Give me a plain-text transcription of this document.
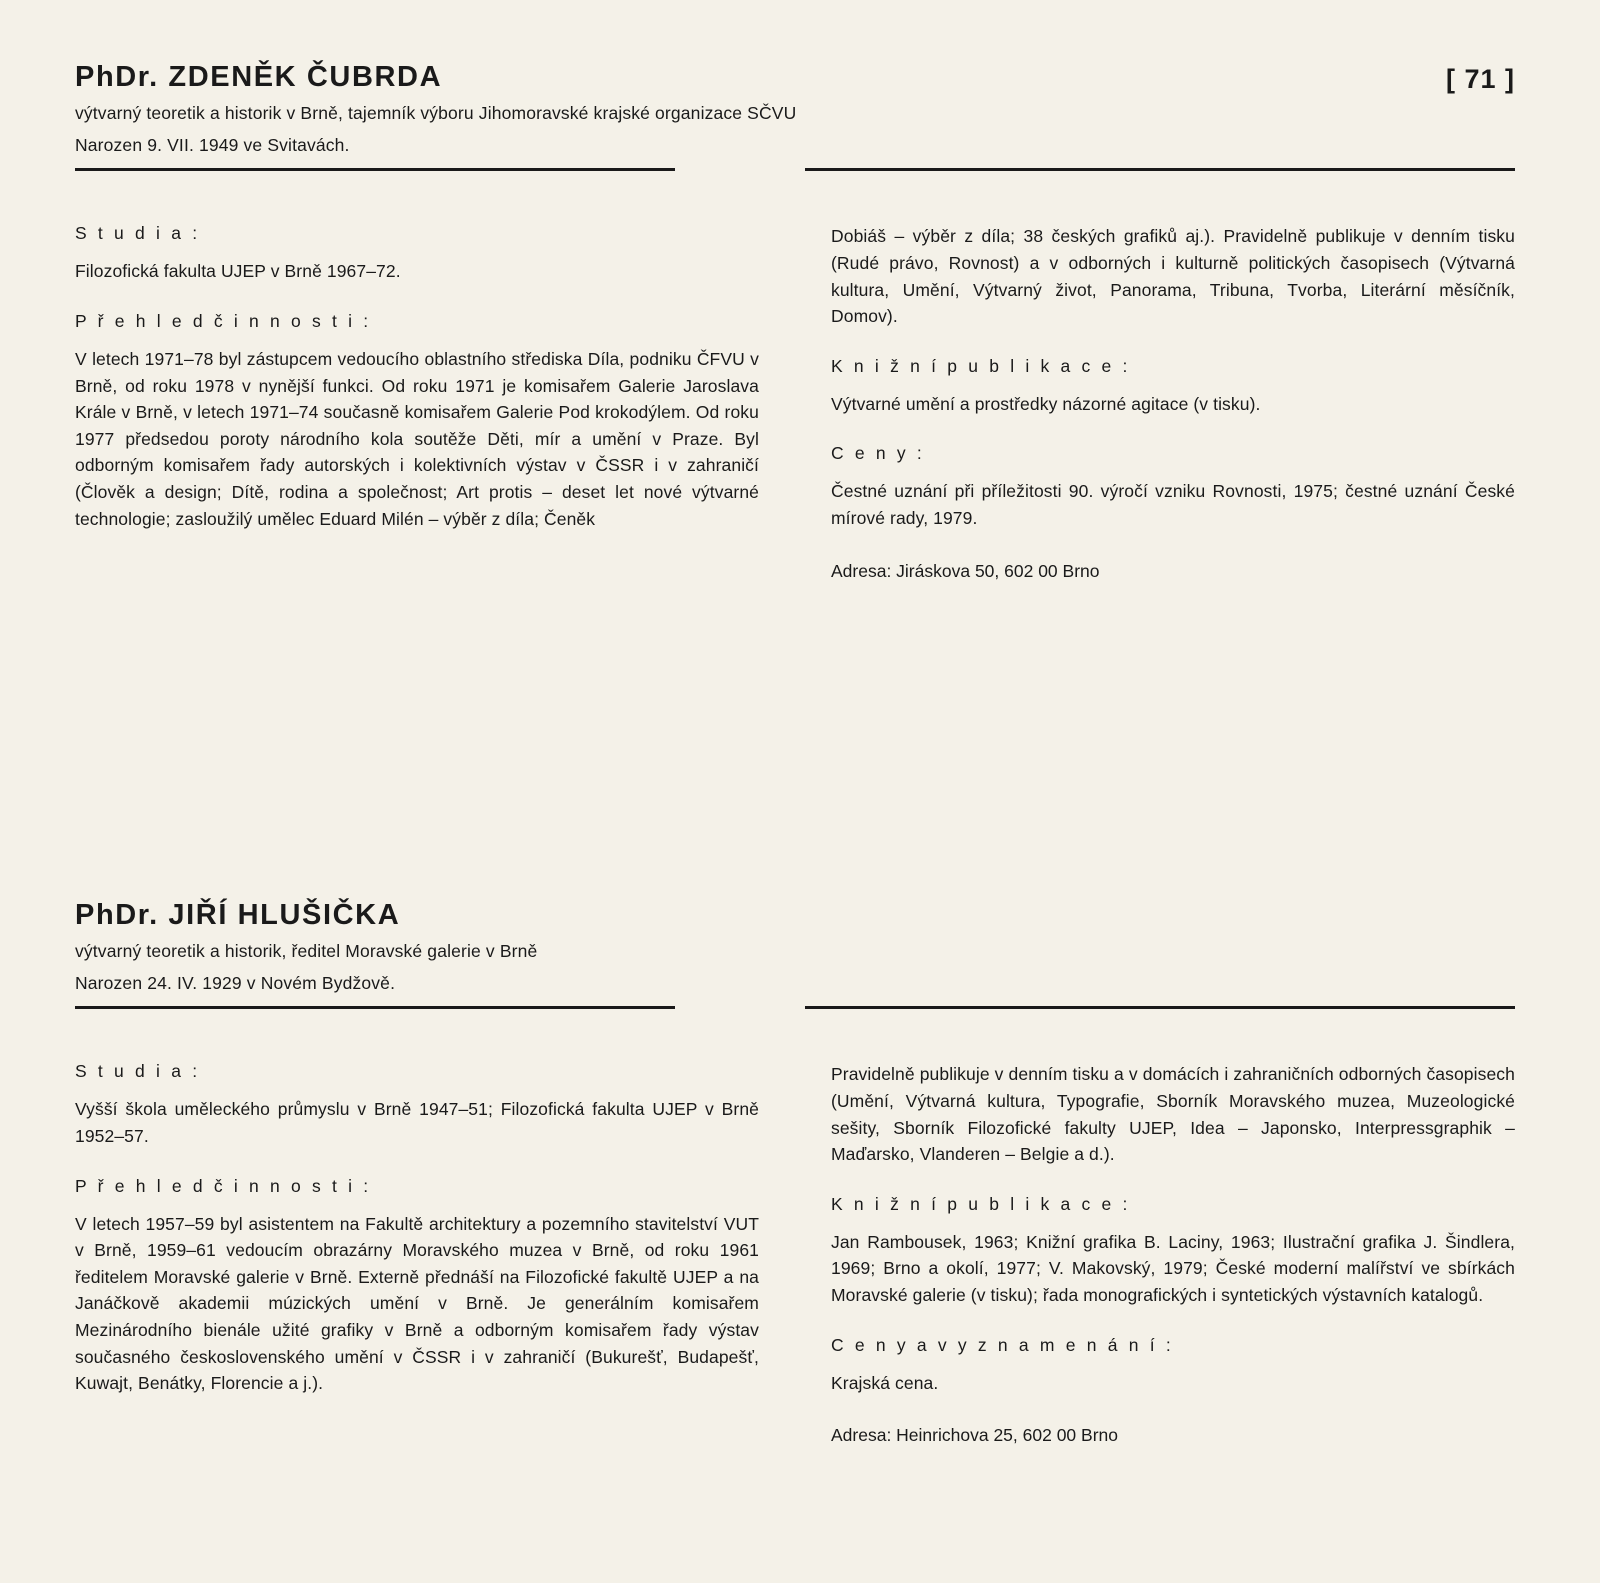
PhDr. ZDENĚK ČUBRDA	[ 71 ]
výtvarný teoretik a historik v Brně, tajemník výboru Jihomoravské krajské organizace SČVU
Narozen 9. VII. 1949 ve Svitavách.
S t u d i a :

Filozofická fakulta UJEP v Brně 1967–72.

P ř e h l e d č i n n o s t i :

V letech 1971–78 byl zástupcem vedoucího oblastního střediska Díla, podniku ČFVU v Brně, od roku 1978 v nynější funkci. Od roku 1971 je komisařem Galerie Jaroslava Krále v Brně, v letech 1971–74 současně komisařem Galerie Pod krokodýlem. Od roku 1977 předsedou poroty národního kola soutěže Děti, mír a umění v Praze. Byl odborným komisařem řady autorských i kolektivních výstav v ČSSR i v zahraničí (Člověk a design; Dítě, rodina a společnost; Art protis – deset let nové výtvarné technologie; zasloužilý umělec Eduard Milén – výběr z díla; Čeněk

Dobiáš – výběr z díla; 38 českých grafiků aj.). Pravidelně publikuje v denním tisku (Rudé právo, Rovnost) a v odborných i kulturně politických časopisech (Výtvarná kultura, Umění, Výtvarný život, Panorama, Tribuna, Tvorba, Literární měsíčník, Domov).

K n i ž n í p u b l i k a c e :

Výtvarné umění a prostředky názorné agitace (v tisku).

C e n y :

Čestné uznání při příležitosti 90. výročí vzniku Rovnosti, 1975; čestné uznání České mírové rady, 1979.

Adresa: Jiráskova 50, 602 00 Brno
PhDr. JIŘÍ HLUŠIČKA
výtvarný teoretik a historik, ředitel Moravské galerie v Brně
Narozen 24. IV. 1929 v Novém Bydžově.
S t u d i a :

Vyšší škola uměleckého průmyslu v Brně 1947–51; Filozofická fakulta UJEP v Brně 1952–57.

P ř e h l e d č i n n o s t i :

V letech 1957–59 byl asistentem na Fakultě architektury a pozemního stavitelství VUT v Brně, 1959–61 vedoucím obrazárny Moravského muzea v Brně, od roku 1961 ředitelem Moravské galerie v Brně. Externě přednáší na Filozofické fakultě UJEP a na Janáčkově akademii múzických umění v Brně. Je generálním komisařem Mezinárodního bienále užité grafiky v Brně a odborným komisařem řady výstav současného československého umění v ČSSR i v zahraničí (Bukurešť, Budapešť, Kuwajt, Benátky, Florencie a j.).

Pravidelně publikuje v denním tisku a v domácích i zahraničních odborných časopisech (Umění, Výtvarná kultura, Typografie, Sborník Moravského muzea, Muzeologické sešity, Sborník Filozofické fakulty UJEP, Idea – Japonsko, Interpressgraphik – Maďarsko, Vlanderen – Belgie a d.).

K n i ž n í p u b l i k a c e :

Jan Rambousek, 1963; Knižní grafika B. Laciny, 1963; Ilustrační grafika J. Šindlera, 1969; Brno a okolí, 1977; V. Makovský, 1979; České moderní malířství ve sbírkách Moravské galerie (v tisku); řada monografických i syntetických výstavních katalogů.

C e n y a v y z n a m e n á n í :

Krajská cena.

Adresa: Heinrichova 25, 602 00 Brno
